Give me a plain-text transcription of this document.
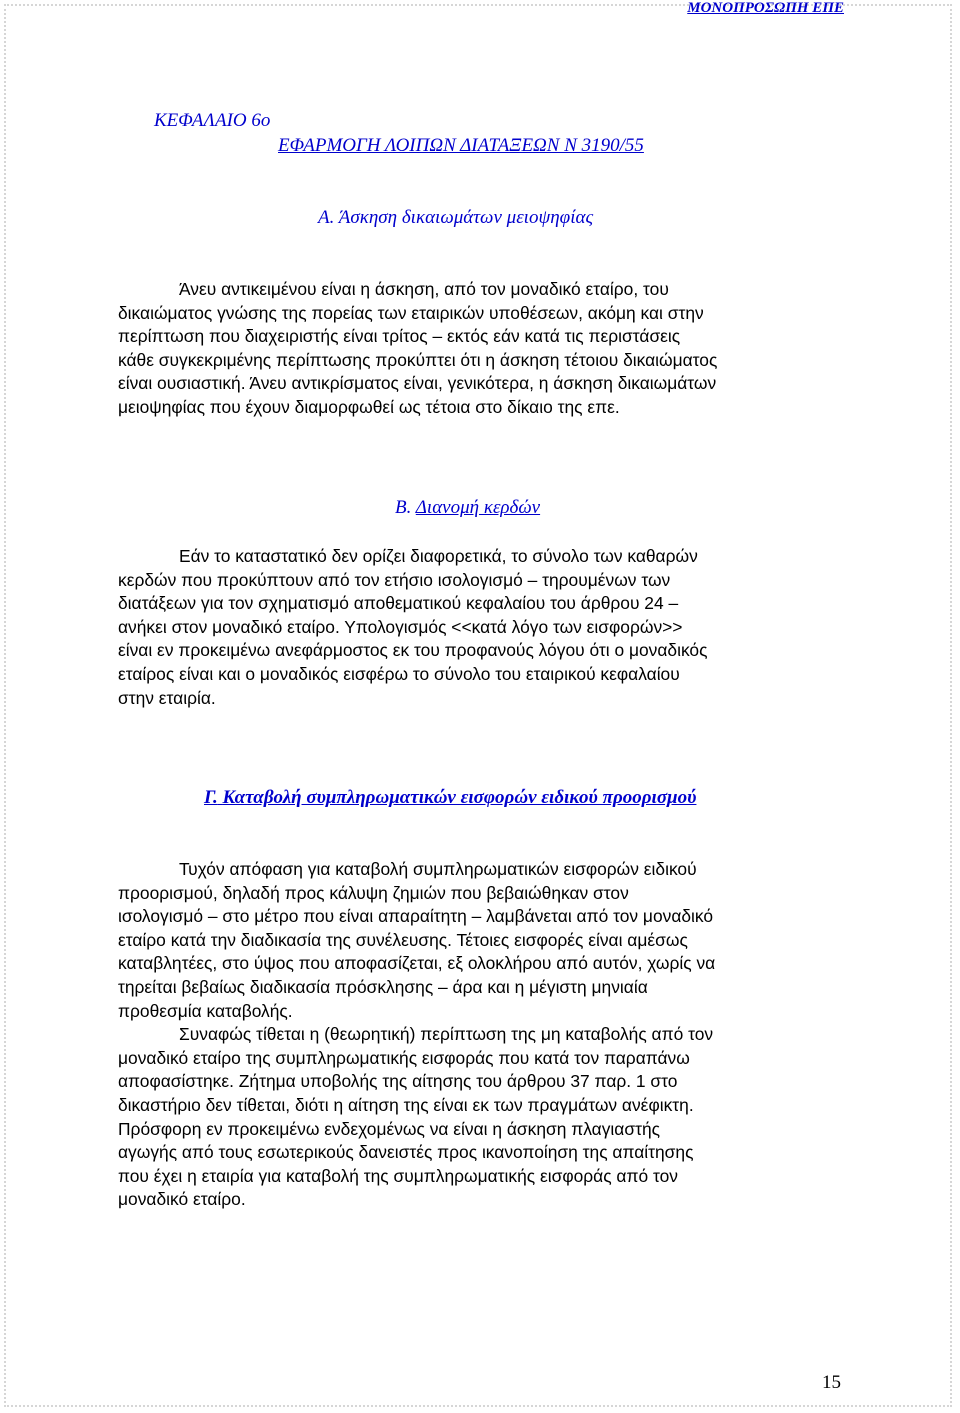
ΜΟΝΟΠΡΟΣΩΠΗ ΕΠΕ
ΚΕΦΑΛΑΙΟ 6ο
ΕΦΑΡΜΟΓΗ ΛΟΙΠΩΝ ΔΙΑΤΑΞΕΩΝ Ν 3190/55
Α. Άσκηση δικαιωμάτων μειοψηφίας
Άνευ αντικειμένου είναι η άσκηση, από τον μοναδικό εταίρο, του
δικαιώματος γνώσης της πορείας των εταιρικών υποθέσεων, ακόμη και στην
περίπτωση που διαχειριστής είναι τρίτος – εκτός εάν κατά τις περιστάσεις
κάθε συγκεκριμένης περίπτωσης προκύπτει ότι η άσκηση τέτοιου δικαιώματος
είναι ουσιαστική. Άνευ αντικρίσματος είναι, γενικότερα, η άσκηση δικαιωμάτων
μειοψηφίας που έχουν διαμορφωθεί ως τέτοια στο δίκαιο της επε.
Β. Διανομή κερδών
Εάν το καταστατικό δεν ορίζει διαφορετικά, το σύνολο των καθαρών
κερδών που προκύπτουν από τον ετήσιο ισολογισμό – τηρουμένων των
διατάξεων για τον σχηματισμό αποθεματικού κεφαλαίου του άρθρου 24 –
ανήκει στον μοναδικό εταίρο. Υπολογισμός <<κατά λόγο των εισφορών>>
είναι εν προκειμένω ανεφάρμοστος εκ του προφανούς λόγου ότι ο μοναδικός
εταίρος είναι και ο μοναδικός εισφέρω το σύνολο του εταιρικού κεφαλαίου
στην εταιρία.
Γ. Καταβολή συμπληρωματικών εισφορών ειδικού προορισμού
Τυχόν απόφαση για καταβολή συμπληρωματικών εισφορών ειδικού
προορισμού, δηλαδή προς κάλυψη ζημιών που βεβαιώθηκαν στον
ισολογισμό – στο μέτρο που είναι απαραίτητη – λαμβάνεται από τον μοναδικό
εταίρο κατά την διαδικασία της συνέλευσης. Τέτοιες εισφορές είναι αμέσως
καταβλητέες, στο ύψος που αποφασίζεται, εξ ολοκλήρου από αυτόν, χωρίς να
τηρείται βεβαίως διαδικασία πρόσκλησης – άρα και η μέγιστη μηνιαία
προθεσμία καταβολής.
Συναφώς τίθεται η (θεωρητική) περίπτωση της μη καταβολής από τον
μοναδικό εταίρο της συμπληρωματικής εισφοράς που κατά τον παραπάνω
αποφασίστηκε. Ζήτημα υποβολής της αίτησης του άρθρου 37 παρ. 1 στο
δικαστήριο δεν τίθεται, διότι η αίτηση της είναι εκ των πραγμάτων ανέφικτη.
Πρόσφορη εν προκειμένω ενδεχομένως να είναι η άσκηση πλαγιαστής
αγωγής από τους εσωτερικούς δανειστές προς ικανοποίηση της απαίτησης
που έχει η εταιρία για καταβολή της συμπληρωματικής εισφοράς από τον
μοναδικό εταίρο.
15
